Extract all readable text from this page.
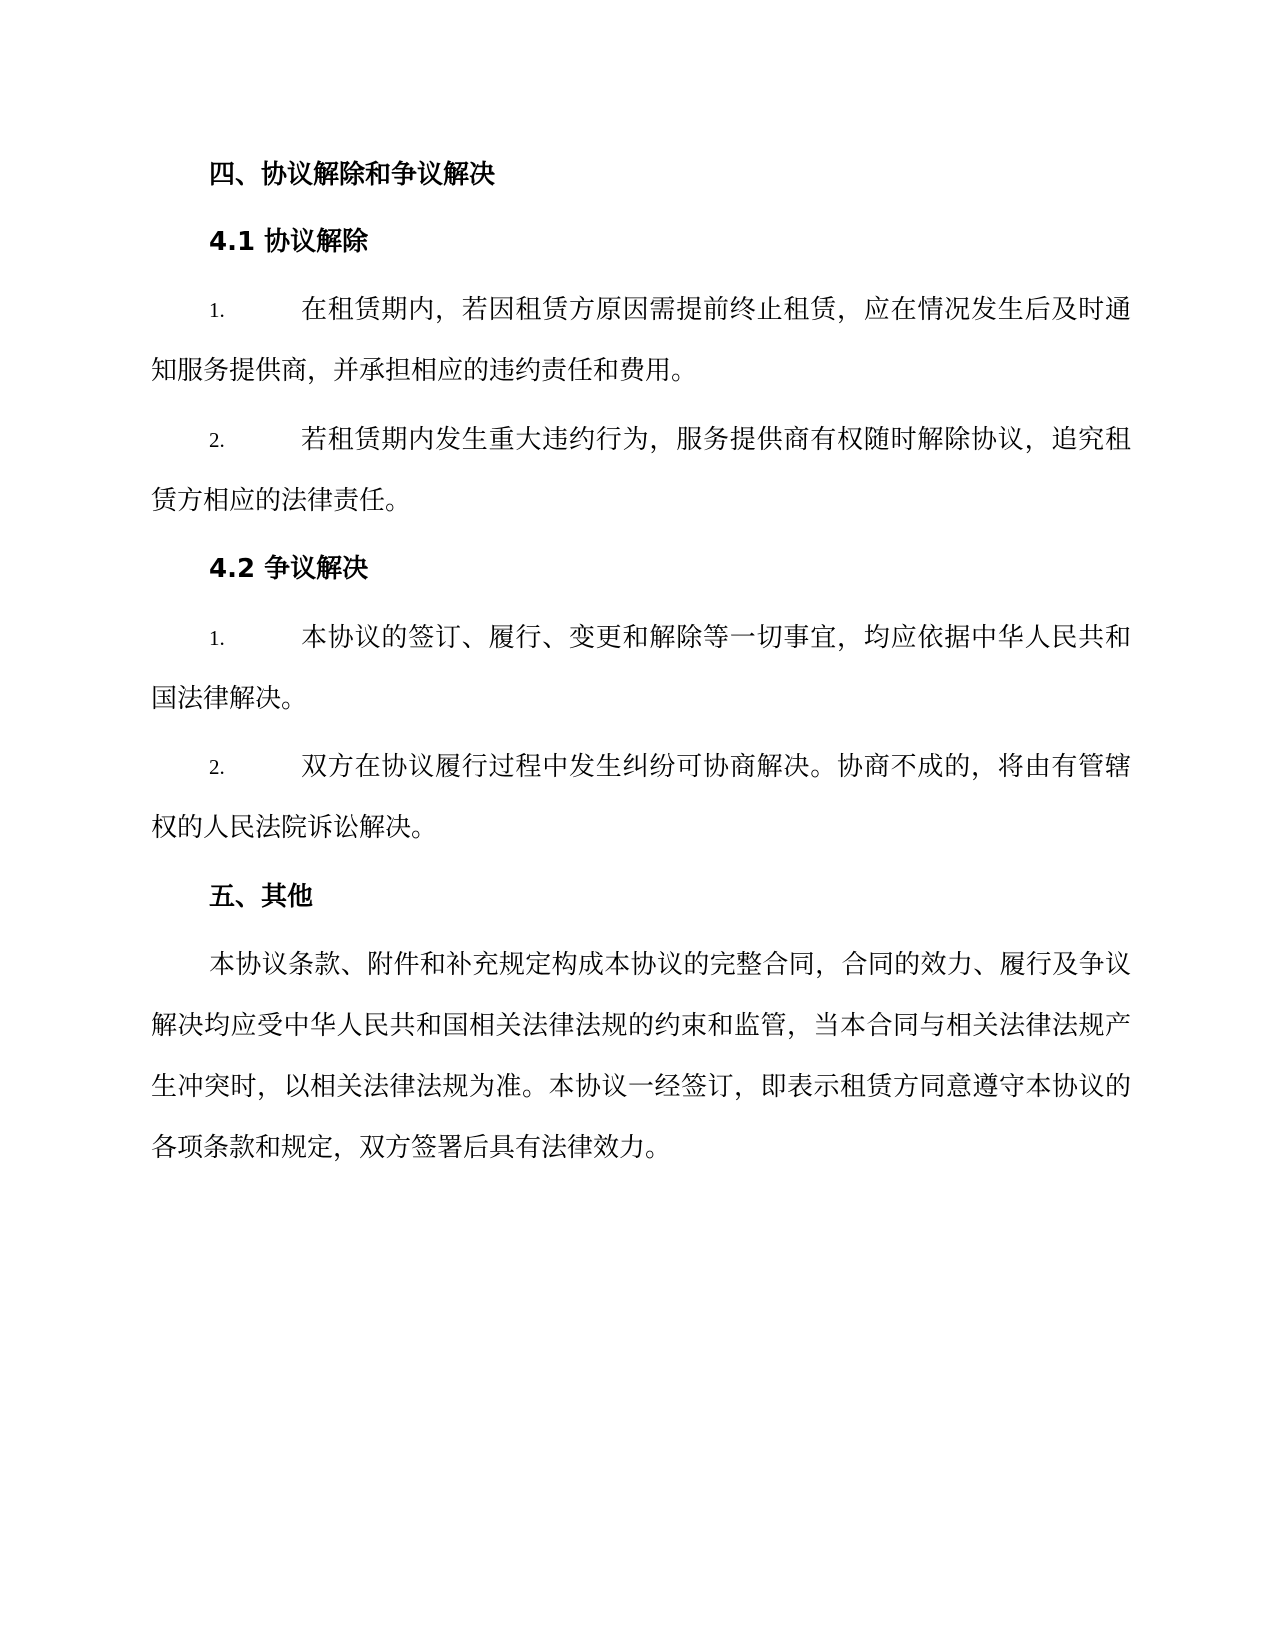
四、协议解除和争议解决
4.1 协议解除
1.	在租赁期内，若因租赁方原因需提前终止租赁，应在情况发生后及时通知服务提供商，并承担相应的违约责任和费用。
2.	若租赁期内发生重大违约行为，服务提供商有权随时解除协议，追究租赁方相应的法律责任。
4.2 争议解决
1.	本协议的签订、履行、变更和解除等一切事宜，均应依据中华人民共和国法律解决。
2.	双方在协议履行过程中发生纠纷可协商解决。协商不成的，将由有管辖权的人民法院诉讼解决。
五、其他
本协议条款、附件和补充规定构成本协议的完整合同，合同的效力、履行及争议解决均应受中华人民共和国相关法律法规的约束和监管，当本合同与相关法律法规产生冲突时，以相关法律法规为准。本协议一经签订，即表示租赁方同意遵守本协议的各项条款和规定，双方签署后具有法律效力。
